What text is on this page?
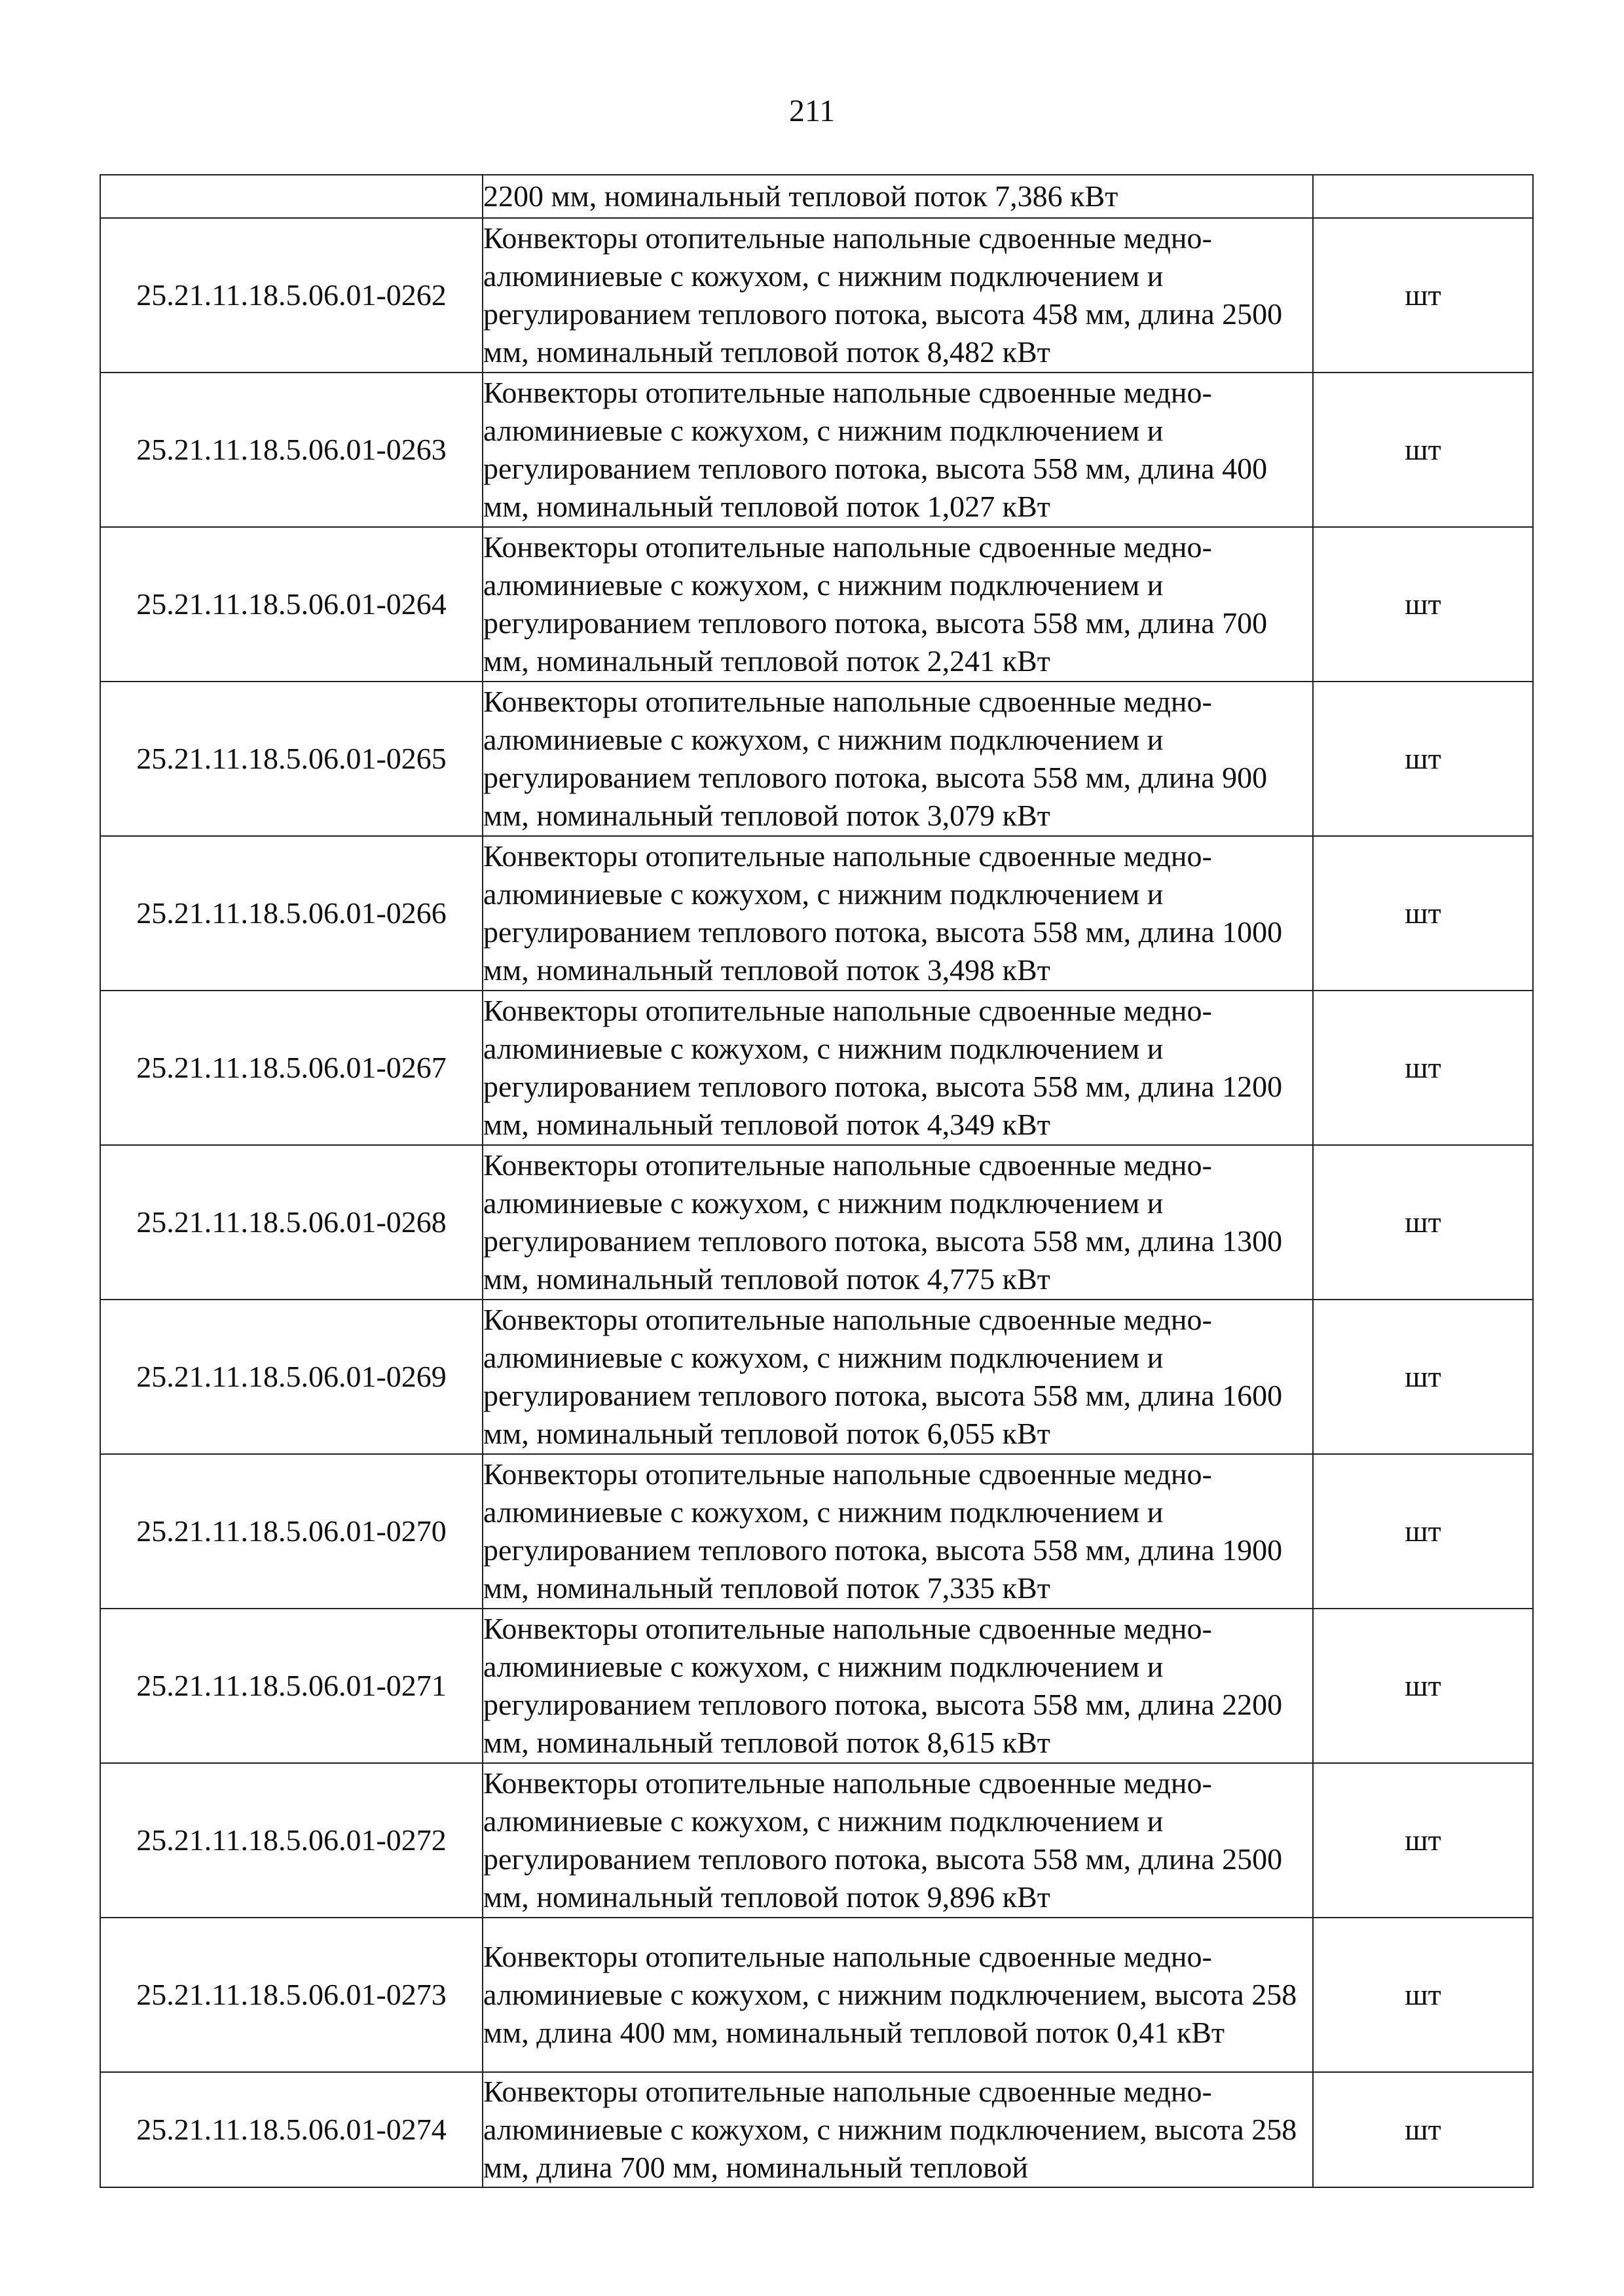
211
	2200 мм, номинальный тепловой поток 7,386 кВт	
25.21.11.18.5.06.01-0262	Конвекторы отопительные напольные сдвоенные медно-алюминиевые с кожухом, с нижним подключением и регулированием теплового потока, высота 458 мм, длина 2500 мм, номинальный тепловой поток 8,482 кВт	шт
25.21.11.18.5.06.01-0263	Конвекторы отопительные напольные сдвоенные медно-алюминиевые с кожухом, с нижним подключением и регулированием теплового потока, высота 558 мм, длина 400 мм, номинальный тепловой поток 1,027 кВт	шт
25.21.11.18.5.06.01-0264	Конвекторы отопительные напольные сдвоенные медно-алюминиевые с кожухом, с нижним подключением и регулированием теплового потока, высота 558 мм, длина 700 мм, номинальный тепловой поток 2,241 кВт	шт
25.21.11.18.5.06.01-0265	Конвекторы отопительные напольные сдвоенные медно-алюминиевые с кожухом, с нижним подключением и регулированием теплового потока, высота 558 мм, длина 900 мм, номинальный тепловой поток 3,079 кВт	шт
25.21.11.18.5.06.01-0266	Конвекторы отопительные напольные сдвоенные медно-алюминиевые с кожухом, с нижним подключением и регулированием теплового потока, высота 558 мм, длина 1000 мм, номинальный тепловой поток 3,498 кВт	шт
25.21.11.18.5.06.01-0267	Конвекторы отопительные напольные сдвоенные медно-алюминиевые с кожухом, с нижним подключением и регулированием теплового потока, высота 558 мм, длина 1200 мм, номинальный тепловой поток 4,349 кВт	шт
25.21.11.18.5.06.01-0268	Конвекторы отопительные напольные сдвоенные медно-алюминиевые с кожухом, с нижним подключением и регулированием теплового потока, высота 558 мм, длина 1300 мм, номинальный тепловой поток 4,775 кВт	шт
25.21.11.18.5.06.01-0269	Конвекторы отопительные напольные сдвоенные медно-алюминиевые с кожухом, с нижним подключением и регулированием теплового потока, высота 558 мм, длина 1600 мм, номинальный тепловой поток 6,055 кВт	шт
25.21.11.18.5.06.01-0270	Конвекторы отопительные напольные сдвоенные медно-алюминиевые с кожухом, с нижним подключением и регулированием теплового потока, высота 558 мм, длина 1900 мм, номинальный тепловой поток 7,335 кВт	шт
25.21.11.18.5.06.01-0271	Конвекторы отопительные напольные сдвоенные медно-алюминиевые с кожухом, с нижним подключением и регулированием теплового потока, высота 558 мм, длина 2200 мм, номинальный тепловой поток 8,615 кВт	шт
25.21.11.18.5.06.01-0272	Конвекторы отопительные напольные сдвоенные медно-алюминиевые с кожухом, с нижним подключением и регулированием теплового потока, высота 558 мм, длина 2500 мм, номинальный тепловой поток 9,896 кВт	шт
25.21.11.18.5.06.01-0273	Конвекторы отопительные напольные сдвоенные медно-алюминиевые с кожухом, с нижним подключением, высота 258 мм, длина 400 мм, номинальный тепловой поток 0,41 кВт	шт
25.21.11.18.5.06.01-0274	Конвекторы отопительные напольные сдвоенные медно-алюминиевые с кожухом, с нижним подключением, высота 258 мм, длина 700 мм, номинальный тепловой	шт
